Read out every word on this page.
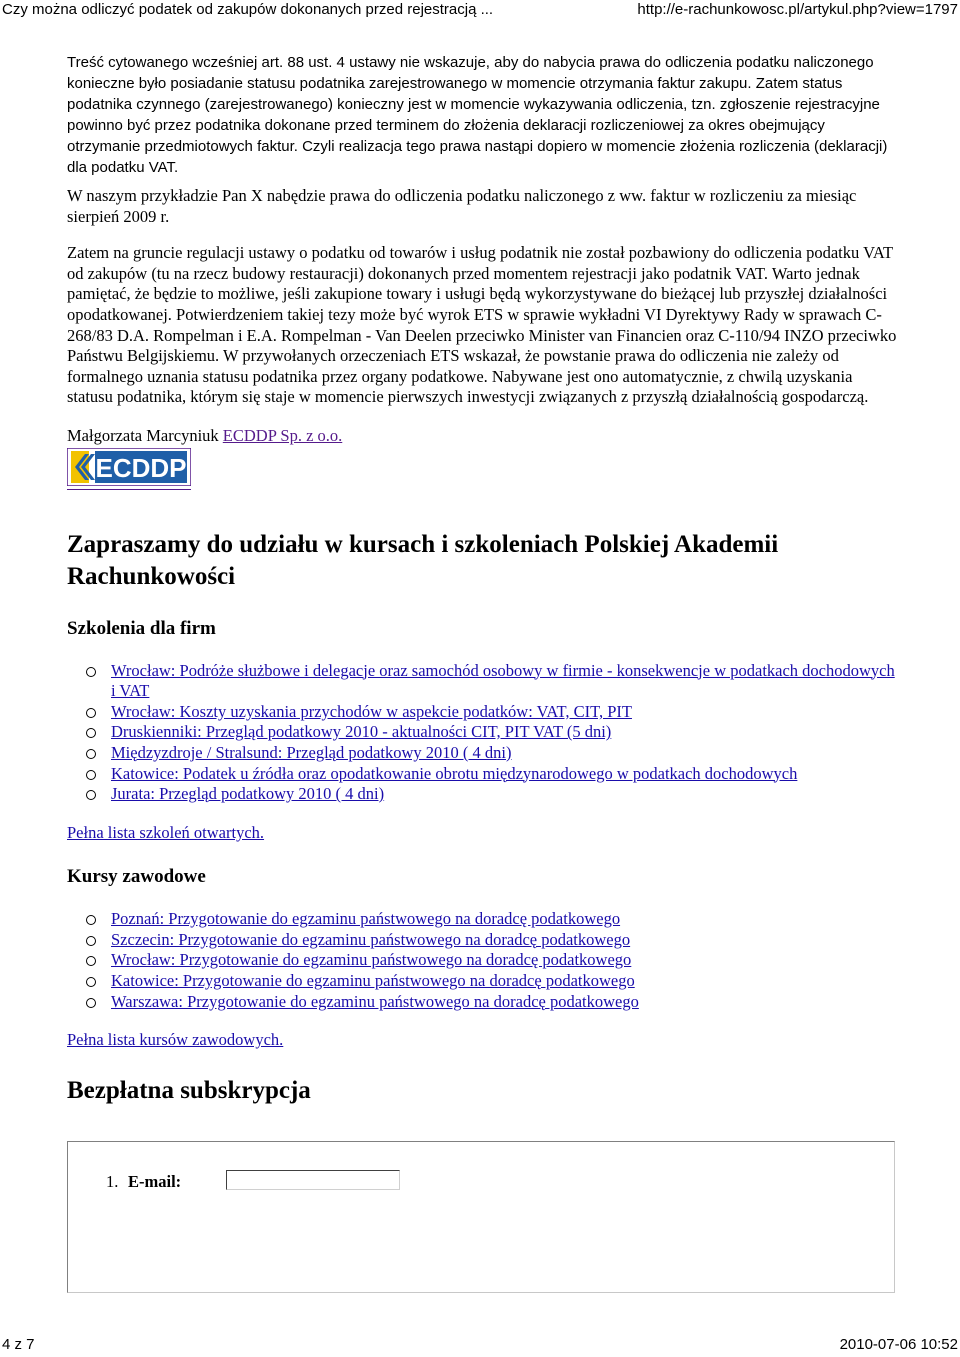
Czy można odliczyć podatek od zakupów dokonanych przed rejestracją ...	http://e-rachunkowosc.pl/artykul.php?view=1797
Treść cytowanego wcześniej art. 88 ust. 4 ustawy nie wskazuje, aby do nabycia prawa do odliczenia podatku naliczonego konieczne było posiadanie statusu podatnika zarejestrowanego w momencie otrzymania faktur zakupu. Zatem status podatnika czynnego (zarejestrowanego) konieczny jest w momencie wykazywania odliczenia, tzn. zgłoszenie rejestracyjne powinno być przez podatnika dokonane przed terminem do złożenia deklaracji rozliczeniowej za okres obejmujący otrzymanie przedmiotowych faktur. Czyli realizacja tego prawa nastąpi dopiero w momencie złożenia rozliczenia (deklaracji) dla podatku VAT.

W naszym przykładzie Pan X nabędzie prawa do odliczenia podatku naliczonego z ww. faktur w rozliczeniu za miesiąc sierpień 2009 r.

Zatem na gruncie regulacji ustawy o podatku od towarów i usług podatnik nie został pozbawiony do odliczenia podatku VAT od zakupów (tu na rzecz budowy restauracji) dokonanych przed momentem rejestracji jako podatnik VAT. Warto jednak pamiętać, że będzie to możliwe, jeśli zakupione towary i usługi będą wykorzystywane do bieżącej lub przyszłej działalności opodatkowanej. Potwierdzeniem takiej tezy może być wyrok ETS w sprawie wykładni VI Dyrektywy Rady w sprawach C-268/83 D.A. Rompelman i E.A. Rompelman - Van Deelen przeciwko Minister van Financien oraz C-110/94 INZO przeciwko Państwu Belgijskiemu. W przywołanych orzeczeniach ETS wskazał, że powstanie prawa do odliczenia nie zależy od formalnego uznania statusu podatnika przez organy podatkowe. Nabywane jest ono automatycznie, z chwilą uzyskania statusu podatnika, którym się staje w momencie pierwszych inwestycji związanych z przyszłą działalnością gospodarczą.

Małgorzata Marcyniuk ECDDP Sp. z o.o.

ECDDP
Zapraszamy do udziału w kursach i szkoleniach Polskiej Akademii Rachunkowości
Szkolenia dla firm
Wrocław: Podróże służbowe i delegacje oraz samochód osobowy w firmie - konsekwencje w podatkach dochodowych i VAT
Wrocław: Koszty uzyskania przychodów w aspekcie podatków: VAT, CIT, PIT
Druskienniki: Przegląd podatkowy 2010 - aktualności CIT, PIT VAT (5 dni)
Międzyzdroje / Stralsund: Przegląd podatkowy 2010 ( 4 dni)
Katowice: Podatek u źródła oraz opodatkowanie obrotu międzynarodowego w podatkach dochodowych
Jurata: Przegląd podatkowy 2010 ( 4 dni)

Pełna lista szkoleń otwartych.

Kursy zawodowe
Poznań: Przygotowanie do egzaminu państwowego na doradcę podatkowego
Szczecin: Przygotowanie do egzaminu państwowego na doradcę podatkowego
Wrocław: Przygotowanie do egzaminu państwowego na doradcę podatkowego
Katowice: Przygotowanie do egzaminu państwowego na doradcę podatkowego
Warszawa: Przygotowanie do egzaminu państwowego na doradcę podatkowego

Pełna lista kursów zawodowych.

Bezpłatna subskrypcja
1. E-mail:
4 z 7	2010-07-06 10:52
